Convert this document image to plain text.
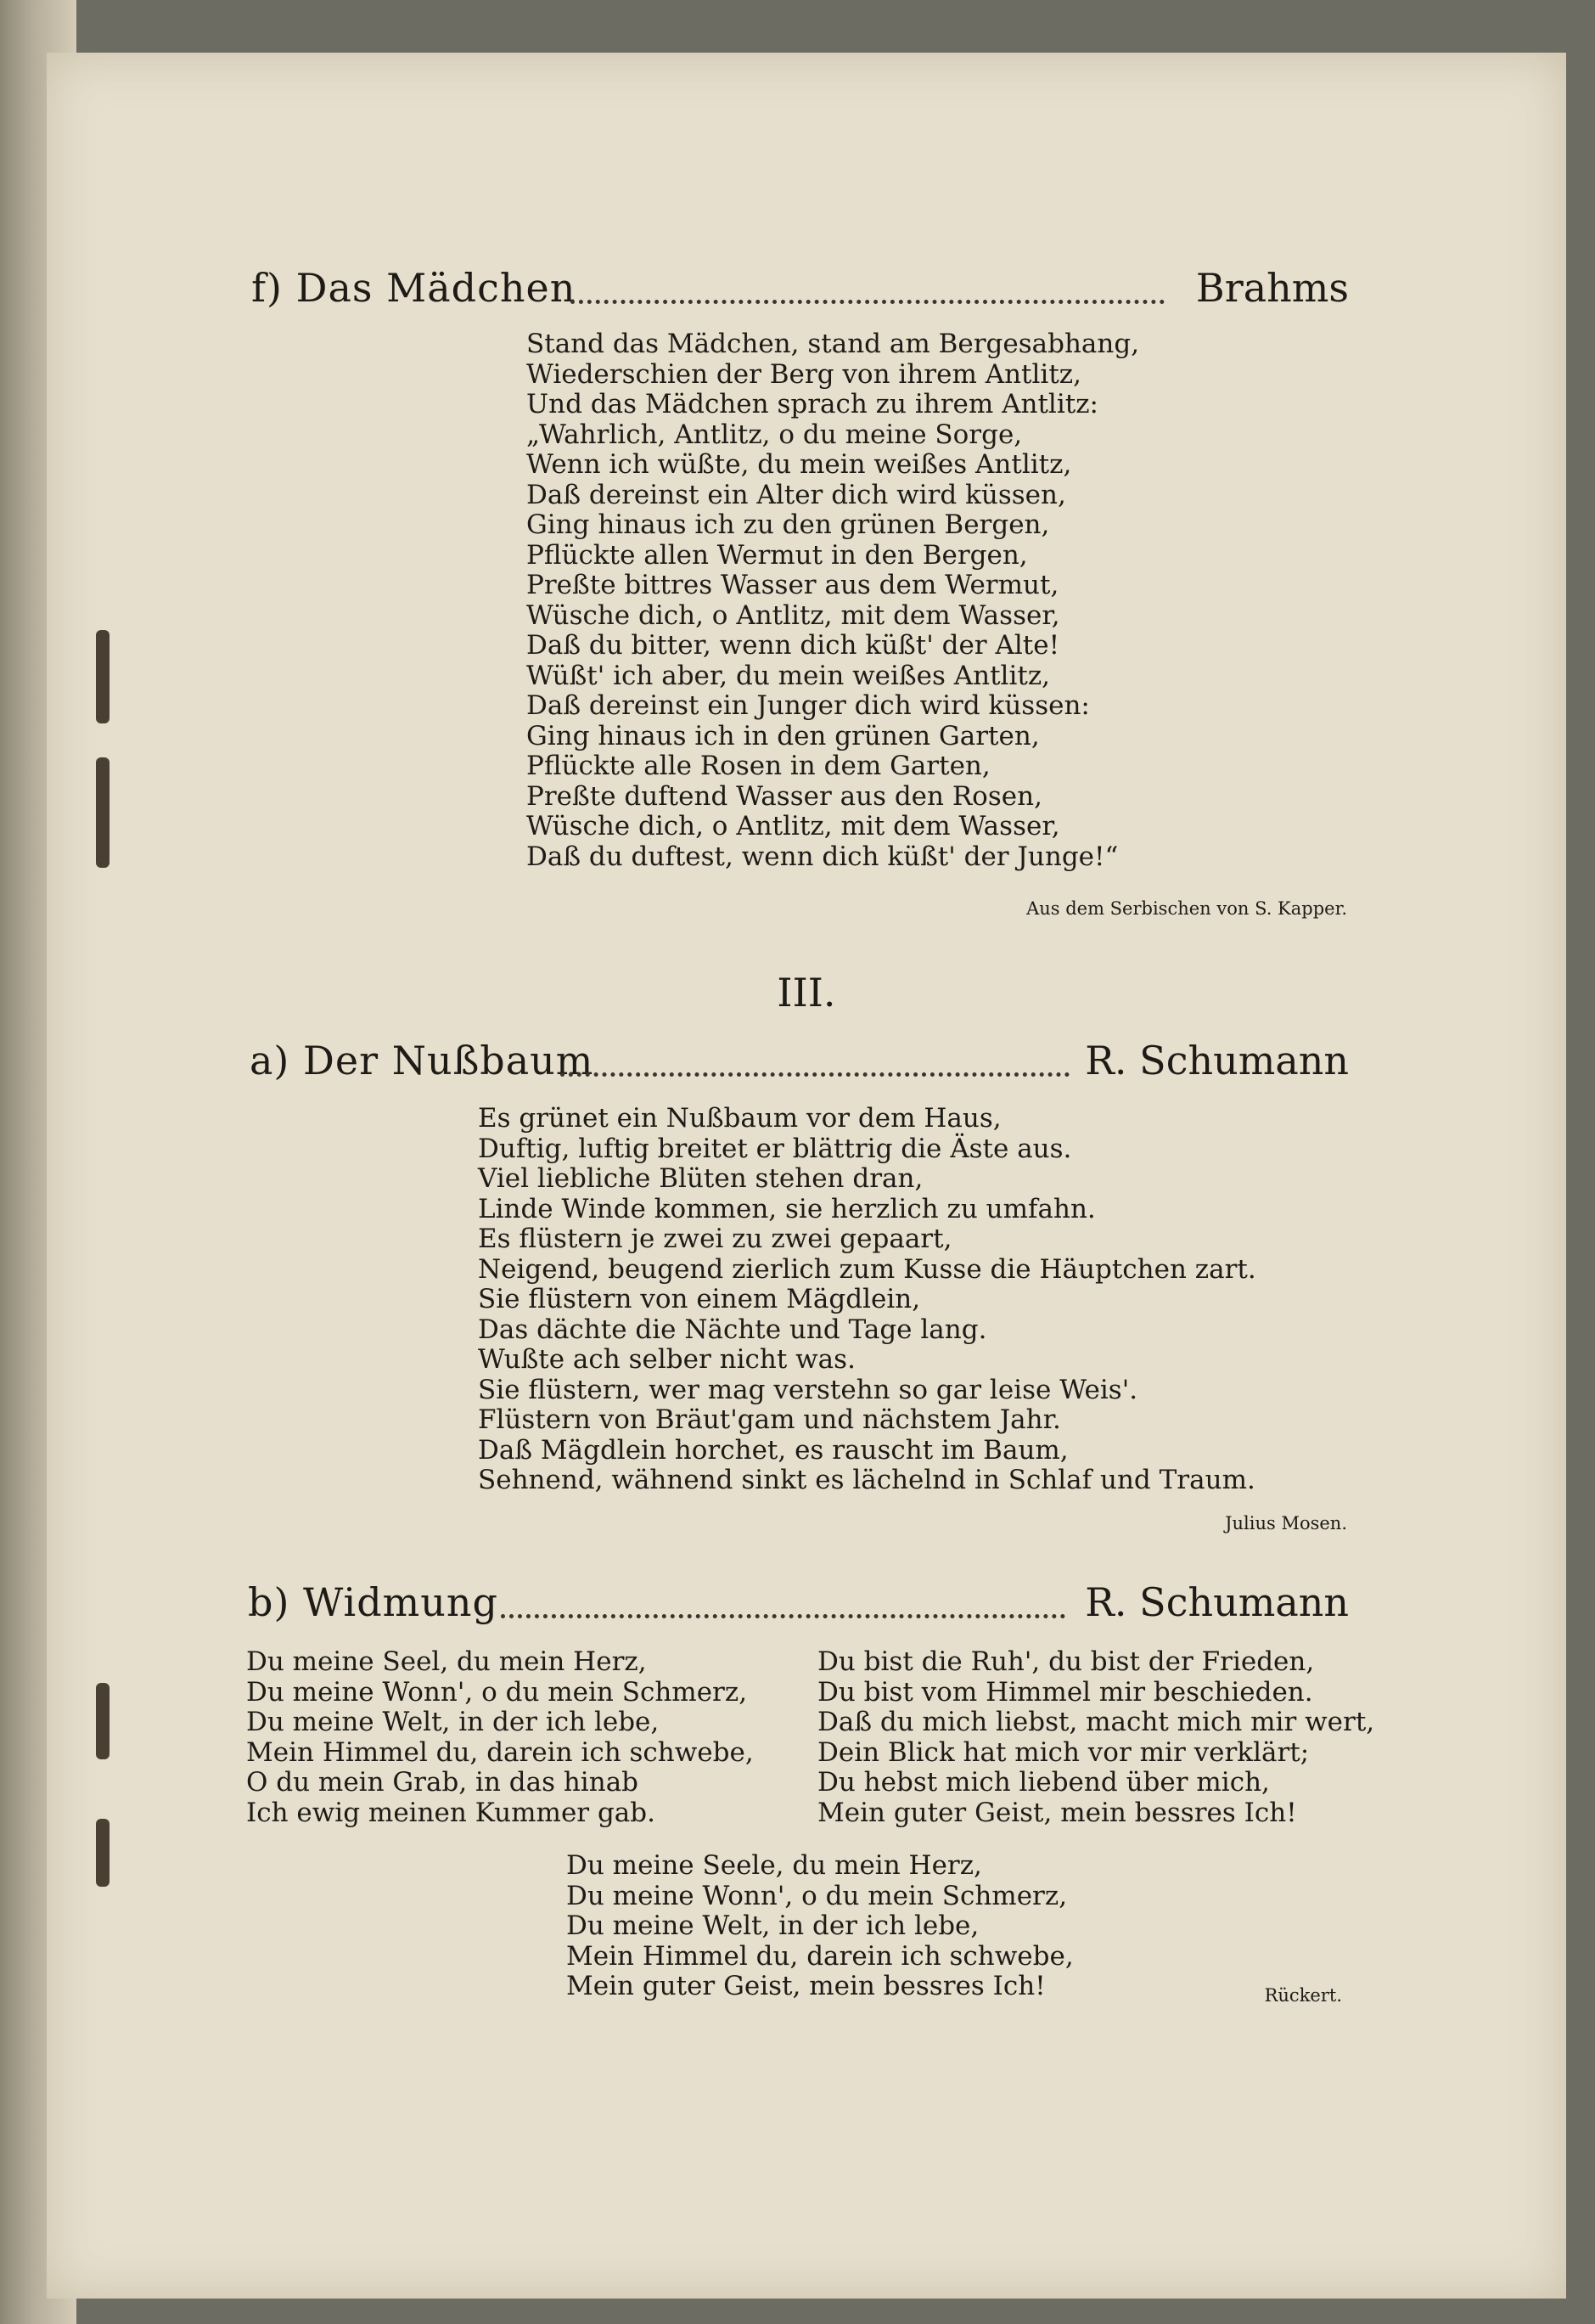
f) Das Mädchen	Brahms
Stand das Mädchen, stand am Bergesabhang,
Wiederschien der Berg von ihrem Antlitz,
Und das Mädchen sprach zu ihrem Antlitz:
„Wahrlich, Antlitz, o du meine Sorge,
Wenn ich wüßte, du mein weißes Antlitz,
Daß dereinst ein Alter dich wird küssen,
Ging hinaus ich zu den grünen Bergen,
Pflückte allen Wermut in den Bergen,
Preßte bittres Wasser aus dem Wermut,
Wüsche dich, o Antlitz, mit dem Wasser,
Daß du bitter, wenn dich küßt' der Alte!
Wüßt' ich aber, du mein weißes Antlitz,
Daß dereinst ein Junger dich wird küssen:
Ging hinaus ich in den grünen Garten,
Pflückte alle Rosen in dem Garten,
Preßte duftend Wasser aus den Rosen,
Wüsche dich, o Antlitz, mit dem Wasser,
Daß du duftest, wenn dich küßt' der Junge!“
Aus dem Serbischen von S. Kapper.
III.
a) Der Nußbaum	R. Schumann
Es grünet ein Nußbaum vor dem Haus,
Duftig, luftig breitet er blättrig die Äste aus.
Viel liebliche Blüten stehen dran,
Linde Winde kommen, sie herzlich zu umfahn.
Es flüstern je zwei zu zwei gepaart,
Neigend, beugend zierlich zum Kusse die Häuptchen zart.
Sie flüstern von einem Mägdlein,
Das dächte die Nächte und Tage lang.
Wußte ach selber nicht was.
Sie flüstern, wer mag verstehn so gar leise Weis'.
Flüstern von Bräut'gam und nächstem Jahr.
Daß Mägdlein horchet, es rauscht im Baum,
Sehnend, wähnend sinkt es lächelnd in Schlaf und Traum.
Julius Mosen.
b) Widmung	R. Schumann
Du meine Seel, du mein Herz,
Du meine Wonn', o du mein Schmerz,
Du meine Welt, in der ich lebe,
Mein Himmel du, darein ich schwebe,
O du mein Grab, in das hinab
Ich ewig meinen Kummer gab.
Du bist die Ruh', du bist der Frieden,
Du bist vom Himmel mir beschieden.
Daß du mich liebst, macht mich mir wert,
Dein Blick hat mich vor mir verklärt;
Du hebst mich liebend über mich,
Mein guter Geist, mein bessres Ich!
Du meine Seele, du mein Herz,
Du meine Wonn', o du mein Schmerz,
Du meine Welt, in der ich lebe,
Mein Himmel du, darein ich schwebe,
Mein guter Geist, mein bessres Ich!	Rückert.
